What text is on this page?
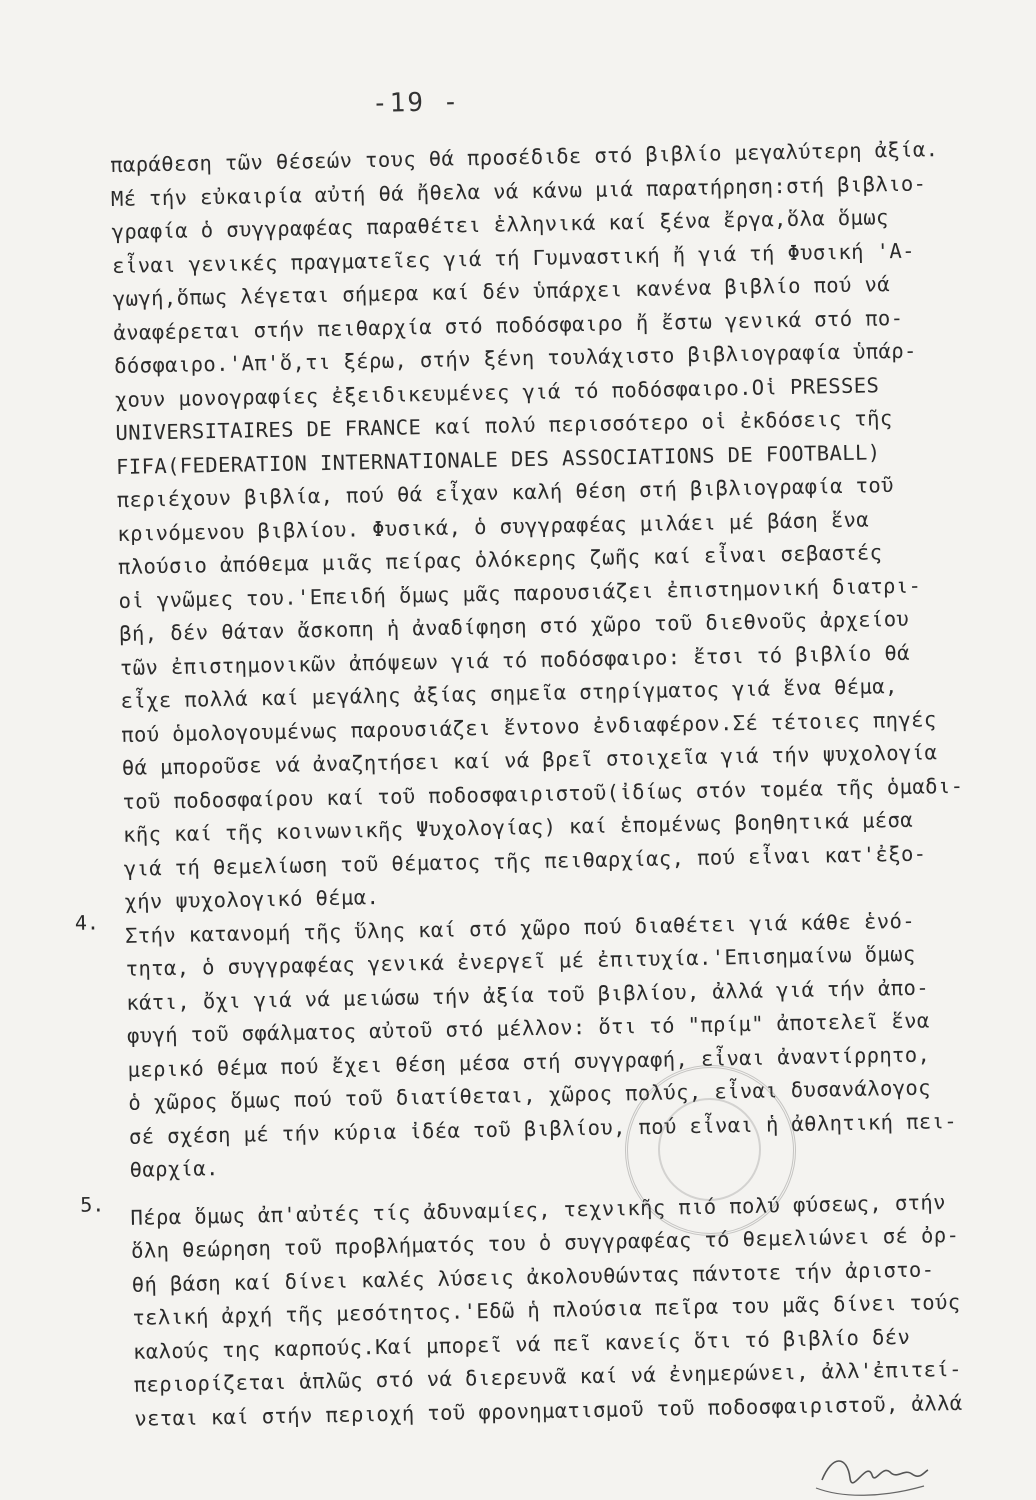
-19 -
παράθεση τῶν θέσεών τους θά προσέδιδε στό βιβλίο μεγαλύτερη ἀξία.
Μέ τήν εὐκαιρία αὐτή θά ἤθελα νά κάνω μιά παρατήρηση:στή βιβλιο-
γραφία ὁ συγγραφέας παραθέτει ἑλληνικά καί ξένα ἔργα,ὅλα ὅμως
εἶναι γενικές πραγματεῖες γιά τή Γυμναστική ἤ γιά τή Φυσική 'Α-
γωγή,ὅπως λέγεται σήμερα καί δέν ὑπάρχει κανένα βιβλίο πού νά
ἀναφέρεται στήν πειθαρχία στό ποδόσφαιρο ἤ ἔστω γενικά στό πο-
δόσφαιρο.'Απ'ὅ,τι ξέρω, στήν ξένη τουλάχιστο βιβλιογραφία ὑπάρ-
χουν μονογραφίες ἐξειδικευμένες γιά τό ποδόσφαιρο.Οἱ PRESSES
UNIVERSITAIRES DE FRANCE καί πολύ περισσότερο οἱ ἐκδόσεις τῆς
FIFA(FEDERATION INTERNATIONALE DES ASSOCIATIONS DE FOOTBALL)
περιέχουν βιβλία, πού θά εἶχαν καλή θέση στή βιβλιογραφία τοῦ
κρινόμενου βιβλίου. Φυσικά, ὁ συγγραφέας μιλάει μέ βάση ἕνα
πλούσιο ἀπόθεμα μιᾶς πείρας ὁλόκερης ζωῆς καί εἶναι σεβαστές
οἱ γνῶμες του.'Επειδή ὅμως μᾶς παρουσιάζει ἐπιστημονική διατρι-
βή, δέν θάταν ἄσκοπη ἡ ἀναδίφηση στό χῶρο τοῦ διεθνοῦς ἀρχείου
τῶν ἐπιστημονικῶν ἀπόψεων γιά τό ποδόσφαιρο: ἔτσι τό βιβλίο θά
εἶχε πολλά καί μεγάλης ἀξίας σημεῖα στηρίγματος γιά ἕνα θέμα,
πού ὁμολογουμένως παρουσιάζει ἔντονο ἐνδιαφέρον.Σέ τέτοιες πηγές
θά μποροῦσε νά ἀναζητήσει καί νά βρεῖ στοιχεῖα γιά τήν ψυχολογία
τοῦ ποδοσφαίρου καί τοῦ ποδοσφαιριστοῦ(ἰδίως στόν τομέα τῆς ὁμαδι-
κῆς καί τῆς κοινωνικῆς Ψυχολογίας) καί ἑπομένως βοηθητικά μέσα
γιά τή θεμελίωση τοῦ θέματος τῆς πειθαρχίας, πού εἶναι κατ'ἐξο-
χήν ψυχολογικό θέμα.
4.	Στήν κατανομή τῆς ὕλης καί στό χῶρο πού διαθέτει γιά κάθε ἑνό-
τητα, ὁ συγγραφέας γενικά ἐνεργεῖ μέ ἐπιτυχία.'Επισημαίνω ὅμως
κάτι, ὄχι γιά νά μειώσω τήν ἀξία τοῦ βιβλίου, ἀλλά γιά τήν ἀπο-
φυγή τοῦ σφάλματος αὐτοῦ στό μέλλον: ὅτι τό "πρίμ" ἀποτελεῖ ἕνα
μερικό θέμα πού ἔχει θέση μέσα στή συγγραφή, εἶναι ἀναντίρρητο,
ὁ χῶρος ὅμως πού τοῦ διατίθεται, χῶρος πολύς, εἶναι δυσανάλογος
σέ σχέση μέ τήν κύρια ἰδέα τοῦ βιβλίου, πού εἶναι ἡ ἀθλητική πει-
θαρχία.
5.	Πέρα ὅμως ἀπ'αὐτές τίς ἀδυναμίες, τεχνικῆς πιό πολύ φύσεως, στήν
ὅλη θεώρηση τοῦ προβλήματός του ὁ συγγραφέας τό θεμελιώνει σέ ὀρ-
θή βάση καί δίνει καλές λύσεις ἀκολουθώντας πάντοτε τήν ἀριστο-
τελική ἀρχή τῆς μεσότητος.'Εδῶ ἡ πλούσια πεῖρα του μᾶς δίνει τούς
καλούς της καρπούς.Καί μπορεῖ νά πεῖ κανείς ὅτι τό βιβλίο δέν
περιορίζεται ἁπλῶς στό νά διερευνᾶ καί νά ἐνημερώνει, ἀλλ'ἐπιτεί-
νεται καί στήν περιοχή τοῦ φρονηματισμοῦ τοῦ ποδοσφαιριστοῦ, ἀλλά
